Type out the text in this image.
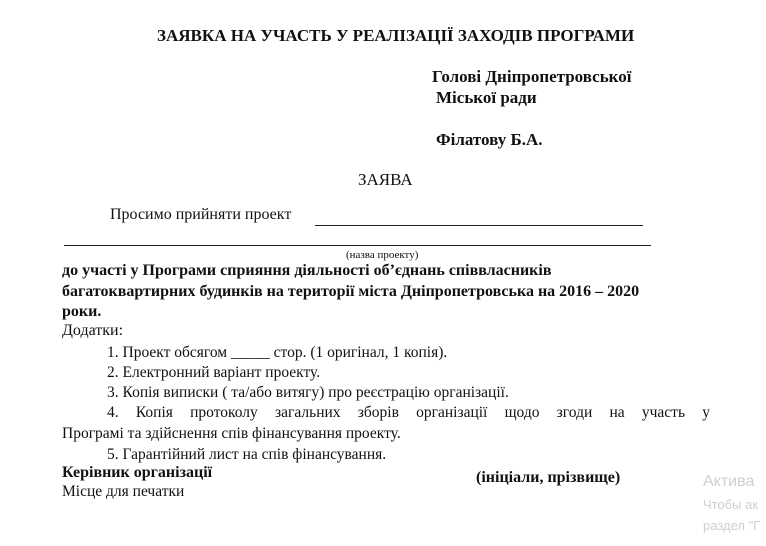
ЗАЯВКА НА УЧАСТЬ У РЕАЛІЗАЦІЇ ЗАХОДІВ ПРОГРАМИ
Голові Дніпропетровської
Міської ради
Філатову Б.А.
ЗАЯВА
Просимо прийняти проект
(назва проекту)
до участі у Програми сприяння діяльності об’єднань співвласників
багатоквартирних будинків на території міста Дніпропетровська на 2016 – 2020
роки.
Додатки:
1. Проект обсягом _____ стор. (1 оригінал, 1 копія).
2. Електронний варіант проекту.
3. Копія виписки ( та/або витягу) про реєстрацію організації.
4. Копія протоколу загальних зборів організації щодо згоди на участь у
Програмі та здійснення спів фінансування проекту.
5. Гарантійний лист на спів фінансування.
Керівник організації	(ініціали, прізвище)
Місце для печатки
Актива
Чтобы ак
раздел "Г
